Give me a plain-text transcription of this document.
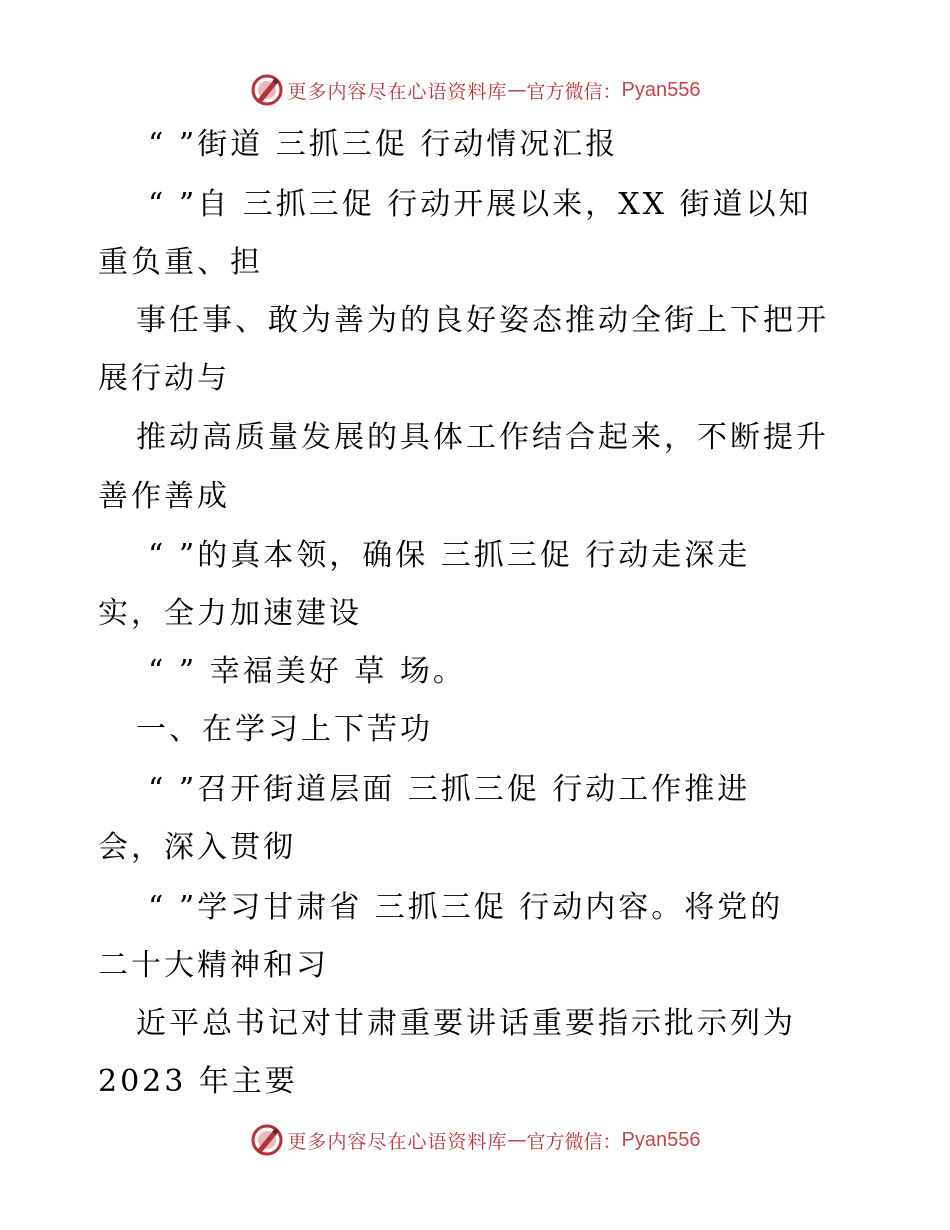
更多内容尽在心语资料库 — 官方微信： Pyan556
“ ”街道 三抓三促 行动情况汇报
“ ”自 三抓三促 行动开展以来，XX 街道以知
重负重、担
事任事、敢为善为的良好姿态推动全街上下把开
展行动与
推动高质量发展的具体工作结合起来，不断提升
善作善成
“ ”的真本领，确保 三抓三促 行动走深走
实，全力加速建设
“ ” 幸福美好 草 场。
一、在学习上下苦功
“ ”召开街道层面 三抓三促 行动工作推进
会，深入贯彻
“ ”学习甘肃省 三抓三促 行动内容。将党的
二十大精神和习
近平总书记对甘肃重要讲话重要指示批示列为
2023 年主要
更多内容尽在心语资料库 — 官方微信： Pyan556
